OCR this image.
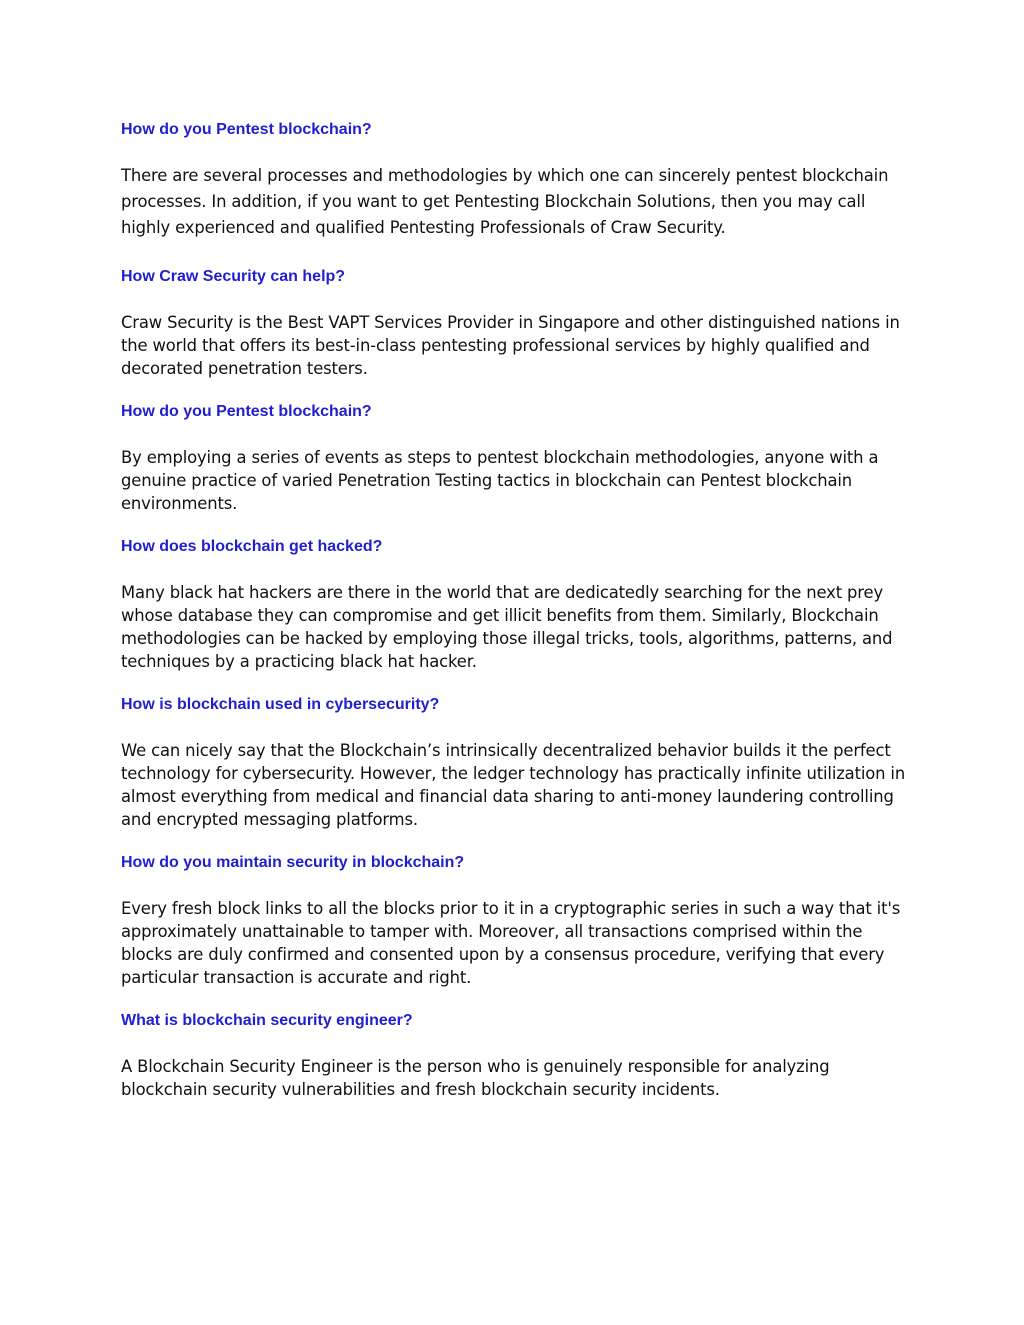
How do you Pentest blockchain?

There are several processes and methodologies by which one can sincerely pentest blockchain processes. In addition, if you want to get Pentesting Blockchain Solutions, then you may call highly experienced and qualified Pentesting Professionals of Craw Security.

How Craw Security can help?

Craw Security is the Best VAPT Services Provider in Singapore and other distinguished nations in the world that offers its best-in-class pentesting professional services by highly qualified and decorated penetration testers.

How do you Pentest blockchain?

By employing a series of events as steps to pentest blockchain methodologies, anyone with a genuine practice of varied Penetration Testing tactics in blockchain can Pentest blockchain environments.

How does blockchain get hacked?

Many black hat hackers are there in the world that are dedicatedly searching for the next prey whose database they can compromise and get illicit benefits from them. Similarly, Blockchain methodologies can be hacked by employing those illegal tricks, tools, algorithms, patterns, and techniques by a practicing black hat hacker.

How is blockchain used in cybersecurity?

We can nicely say that the Blockchain’s intrinsically decentralized behavior builds it the perfect technology for cybersecurity. However, the ledger technology has practically infinite utilization in almost everything from medical and financial data sharing to anti-money laundering controlling and encrypted messaging platforms.

How do you maintain security in blockchain?

Every fresh block links to all the blocks prior to it in a cryptographic series in such a way that it's approximately unattainable to tamper with. Moreover, all transactions comprised within the blocks are duly confirmed and consented upon by a consensus procedure, verifying that every particular transaction is accurate and right.

What is blockchain security engineer?

A Blockchain Security Engineer is the person who is genuinely responsible for analyzing blockchain security vulnerabilities and fresh blockchain security incidents.
